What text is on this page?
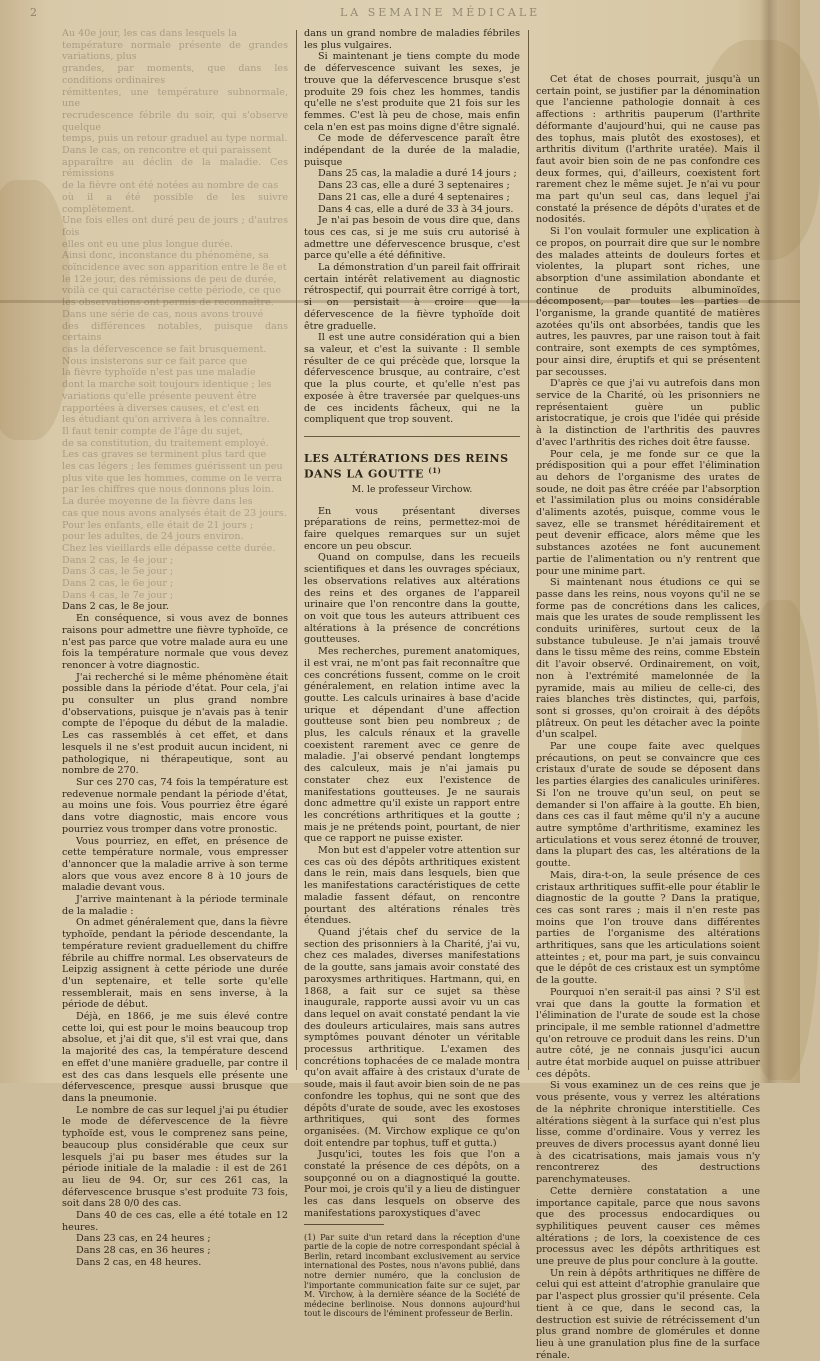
2	LA SEMAINE MÉDICALE
Au 40e jour, les cas dans lesquels la
température normale présente de grandes variations, plus
grandes, par moments, que dans les conditions ordinaires
rémittentes, une température subnormale, une
recrudescence fébrile du soir, qui s'observe quelque
temps, puis un retour graduel au type normal.
Dans le cas, on rencontre et qui paraissent
apparaître au déclin de la maladie. Ces rémissions
de la fièvre ont été notées au nombre de cas
où il a été possible de les suivre complètement.
Une fois elles ont duré peu de jours ; d'autres fois
elles ont eu une plus longue durée.
Ainsi donc, inconstance du phénomène, sa
coïncidence avec son apparition entre le 8e et
le 12e jour, des rémissions de peu de durée,
voilà ce qui caractérise cette période, ce que
les observations ont permis de reconnaître.
Dans une série de cas, nous avons trouvé
des différences notables, puisque dans certains
cas la défervescence se fait brusquement.
Nous insisterons sur ce fait parce que
la fièvre typhoïde n'est pas une maladie
dont la marche soit toujours identique ; les
variations qu'elle présente peuvent être
rapportées à diverses causes, et c'est en
les étudiant qu'on arrivera à les connaître.
Il faut tenir compte de l'âge du sujet,
de sa constitution, du traitement employé.
Les cas graves se terminent plus tard que
les cas légers ; les femmes guérissent un peu
plus vite que les hommes, comme on le verra
par les chiffres que nous donnons plus loin.
La durée moyenne de la fièvre dans les
cas que nous avons analysés était de 23 jours.
Pour les enfants, elle était de 21 jours ;
pour les adultes, de 24 jours environ.
Chez les vieillards elle dépasse cette durée.
Dans 2 cas, le 4e jour ;
Dans 3 cas, le 5e jour ;
Dans 2 cas, le 6e jour ;
Dans 4 cas, le 7e jour ;

Dans 2 cas, le 8e jour.

En conséquence, si vous avez de bonnes raisons pour admettre une fièvre typhoïde, ce n'est pas parce que votre malade aura eu une fois la température normale que vous devez renoncer à votre diagnostic.

J'ai recherché si le même phénomène était possible dans la période d'état. Pour cela, j'ai pu consulter un plus grand nombre d'observations, puisque je n'avais pas à tenir compte de l'époque du début de la maladie. Les cas rassemblés à cet effet, et dans lesquels il ne s'est produit aucun incident, ni pathologique, ni thérapeutique, sont au nombre de 270.

Sur ces 270 cas, 74 fois la température est redevenue normale pendant la période d'état, au moins une fois. Vous pourriez être égaré dans votre diagnostic, mais encore vous pourriez vous tromper dans votre pronostic.

Vous pourriez, en effet, en présence de cette température normale, vous empresser d'annoncer que la maladie arrive à son terme alors que vous avez encore 8 à 10 jours de maladie devant vous.

J'arrive maintenant à la période terminale de la maladie :

On admet généralement que, dans la fièvre typhoïde, pendant la période descendante, la température revient graduellement du chiffre fébrile au chiffre normal. Les observateurs de Leipzig assignent à cette période une durée d'un septenaire, et telle sorte qu'elle ressemblerait, mais en sens inverse, à la période de début.

Déjà, en 1866, je me suis élevé contre cette loi, qui est pour le moins beaucoup trop absolue, et j'ai dit que, s'il est vrai que, dans la majorité des cas, la température descend en effet d'une manière graduelle, par contre il est des cas dans lesquels elle présente une défervescence, presque aussi brusque que dans la pneumonie.

Le nombre de cas sur lequel j'ai pu étudier le mode de défervescence de la fièvre typhoïde est, vous le comprenez sans peine, beaucoup plus considérable que ceux sur lesquels j'ai pu baser mes études sur la période initiale de la maladie : il est de 261 au lieu de 94. Or, sur ces 261 cas, la défervescence brusque s'est produite 73 fois, soit dans 28 0/0 des cas.

Dans 40 de ces cas, elle a été totale en 12 heures.

Dans 23 cas, en 24 heures ;

Dans 28 cas, en 36 heures ;

Dans 2 cas, en 48 heures.

dans un grand nombre de maladies fébriles les plus vulgaires.

Si maintenant je tiens compte du mode de défervescence suivant les sexes, je trouve que la défervescence brusque s'est produite 29 fois chez les hommes, tandis qu'elle ne s'est produite que 21 fois sur les femmes. C'est là peu de chose, mais enfin cela n'en est pas moins digne d'être signalé.

Ce mode de défervescence paraît être indépendant de la durée de la maladie, puisque

Dans 25 cas, la maladie a duré 14 jours ;

Dans 23 cas, elle a duré 3 septenaires ;

Dans 21 cas, elle a duré 4 septenaires ;

Dans 4 cas, elle a duré de 33 à 34 jours.

Je n'ai pas besoin de vous dire que, dans tous ces cas, si je me suis cru autorisé à admettre une défervescence brusque, c'est parce qu'elle a été définitive.

La démonstration d'un pareil fait offrirait certain intérêt relativement au diagnostic rétrospectif, qui pourrait être corrigé à tort, si on persistait à croire que la défervescence de la fièvre typhoïde doit être graduelle.

Il est une autre considération qui a bien sa valeur, et c'est la suivante : Il semble résulter de ce qui précède que, lorsque la défervescence brusque, au contraire, c'est que la plus courte, et qu'elle n'est pas exposée à être traversée par quelques-uns de ces incidents fâcheux, qui ne la compliquent que trop souvent.

LES ALTÉRATIONS DES REINS DANS LA GOUTTE $^{(1)}$
M. le professeur Virchow.

En vous présentant diverses préparations de reins, permettez-moi de faire quelques remarques sur un sujet encore un peu obscur.

Quand on compulse, dans les recueils scientifiques et dans les ouvrages spéciaux, les observations relatives aux altérations des reins et des organes de l'appareil urinaire que l'on rencontre dans la goutte, on voit que tous les auteurs attribuent ces altérations à la présence de concrétions goutteuses.

Mes recherches, purement anatomiques, il est vrai, ne m'ont pas fait reconnaître que ces concrétions fussent, comme on le croit généralement, en relation intime avec la goutte. Les calculs urinaires à base d'acide urique et dépendant d'une affection goutteuse sont bien peu nombreux ; de plus, les calculs rénaux et la gravelle coexistent rarement avec ce genre de maladie. J'ai observé pendant longtemps des calculeux, mais je n'ai jamais pu constater chez eux l'existence de manifestations goutteuses. Je ne saurais donc admettre qu'il existe un rapport entre les concrétions arthritiques et la goutte ; mais je ne prétends point, pourtant, de nier que ce rapport ne puisse exister.

Mon but est d'appeler votre attention sur ces cas où des dépôts arthritiques existent dans le rein, mais dans lesquels, bien que les manifestations caractéristiques de cette maladie fassent défaut, on rencontre pourtant des altérations rénales très étendues.

Quand j'étais chef du service de la section des prisonniers à la Charité, j'ai vu, chez ces malades, diverses manifestations de la goutte, sans jamais avoir constaté des paroxysmes arthritiques. Hartmann, qui, en 1868, a fait sur ce sujet sa thèse inaugurale, rapporte aussi avoir vu un cas dans lequel on avait constaté pendant la vie des douleurs articulaires, mais sans autres symptômes pouvant dénoter un véritable processus arthritique. L'examen des concrétions tophacées de ce malade montra qu'on avait affaire à des cristaux d'urate de soude, mais il faut avoir bien soin de ne pas confondre les tophus, qui ne sont que des dépôts d'urate de soude, avec les exostoses arthritiques, qui sont des formes organisées. (M. Virchow explique ce qu'on doit entendre par tophus, tuff et gutta.)

Jusqu'ici, toutes les fois que l'on a constaté la présence de ces dépôts, on a soupçonné ou on a diagnostiqué la goutte. Pour moi, je crois qu'il y a lieu de distinguer les cas dans lesquels on observe des manifestations paroxystiques d'avec

(1) Par suite d'un retard dans la réception d'une partie de la copie de notre correspondant spécial à Berlin, retard incombant exclusivement au service international des Postes, nous n'avons publié, dans notre dernier numéro, que la conclusion de l'importante communication faite sur ce sujet, par M. Virchow, à la dernière séance de la Société de médecine berlinoise. Nous donnons aujourd'hui tout le discours de l'éminent professeur de Berlin.

Cet état de choses pourrait, jusqu'à un certain point, se justifier par la dénomination que l'ancienne pathologie donnait à ces affections : arthritis pauperum (l'arthrite déformante d'aujourd'hui, qui ne cause pas des tophus, mais plutôt des exostoses), et arthritis divitum (l'arthrite uratée). Mais il faut avoir bien soin de ne pas confondre ces deux formes, qui, d'ailleurs, coexistent fort rarement chez le même sujet. Je n'ai vu pour ma part qu'un seul cas, dans lequel j'ai constaté la présence de dépôts d'urates et de nodosités.

Si l'on voulait formuler une explication à ce propos, on pourrait dire que sur le nombre des malades atteints de douleurs fortes et violentes, la plupart sont riches, une absorption d'une assimilation abondante et continue de produits albuminoïdes, décomposent, par toutes les parties de l'organisme, la grande quantité de matières azotées qu'ils ont absorbées, tandis que les autres, les pauvres, par une raison tout à fait contraire, sont exempts de ces symptômes, pour ainsi dire, éruptifs et qui se présentent par secousses.

D'après ce que j'ai vu autrefois dans mon service de la Charité, où les prisonniers ne représentaient guère un public aristocratique, je crois que l'idée qui préside à la distinction de l'arthritis des pauvres d'avec l'arthritis des riches doit être fausse.

Pour cela, je me fonde sur ce que la prédisposition qui a pour effet l'élimination au dehors de l'organisme des urates de soude, ne doit pas être créée par l'absorption et l'assimilation plus ou moins considérable d'aliments azotés, puisque, comme vous le savez, elle se transmet héréditairement et peut devenir efficace, alors même que les substances azotées ne font aucunement partie de l'alimentation ou n'y rentrent que pour une minime part.

Si maintenant nous étudions ce qui se passe dans les reins, nous voyons qu'il ne se forme pas de concrétions dans les calices, mais que les urates de soude remplissent les conduits urinifères, surtout ceux de la substance tubuleuse. Je n'ai jamais trouvé dans le tissu même des reins, comme Ebstein dit l'avoir observé. Ordinairement, on voit, non à l'extrémité mamelonnée de la pyramide, mais au milieu de celle-ci, des raies blanches très distinctes, qui, parfois, sont si grosses, qu'on croirait à des dépôts plâtreux. On peut les détacher avec la pointe d'un scalpel.

Par une coupe faite avec quelques précautions, on peut se convaincre que ces cristaux d'urate de soude se déposent dans les parties élargies des canalicules urinifères. Si l'on ne trouve qu'un seul, on peut se demander si l'on affaire à la goutte. Eh bien, dans ces cas il faut même qu'il n'y a aucune autre symptôme d'arthritisme, examinez les articulations et vous serez étonné de trouver, dans la plupart des cas, les altérations de la goutte.

Mais, dira-t-on, la seule présence de ces cristaux arthritiques suffit-elle pour établir le diagnostic de la goutte ? Dans la pratique, ces cas sont rares ; mais il n'en reste pas moins que l'on trouve dans différentes parties de l'organisme des altérations arthritiques, sans que les articulations soient atteintes ; et, pour ma part, je suis convaincu que le dépôt de ces cristaux est un symptôme de la goutte.

Pourquoi n'en serait-il pas ainsi ? S'il est vrai que dans la goutte la formation et l'élimination de l'urate de soude est la chose principale, il me semble rationnel d'admettre qu'on retrouve ce produit dans les reins. D'un autre côté, je ne connais jusqu'ici aucun autre état morbide auquel on puisse attribuer ces dépôts.

Si vous examinez un de ces reins que je vous présente, vous y verrez les altérations de la néphrite chronique interstitielle. Ces altérations siègent à la surface qui n'est plus lisse, comme d'ordinaire. Vous y verrez les preuves de divers processus ayant donné lieu à des cicatrisations, mais jamais vous n'y rencontrerez des destructions parenchymateuses.

Cette dernière constatation a une importance capitale, parce que nous savons que des processus endocardiques ou syphilitiques peuvent causer ces mêmes altérations ; de lors, la coexistence de ces processus avec les dépôts arthritiques est une preuve de plus pour conclure à la goutte.

Un rein à dépôts arthritiques ne diffère de celui qui est atteint d'atrophie granulaire que par l'aspect plus grossier qu'il présente. Cela tient à ce que, dans le second cas, la destruction est suivie de rétrécissement d'un plus grand nombre de glomérules et donne lieu à une granulation plus fine de la surface rénale.
